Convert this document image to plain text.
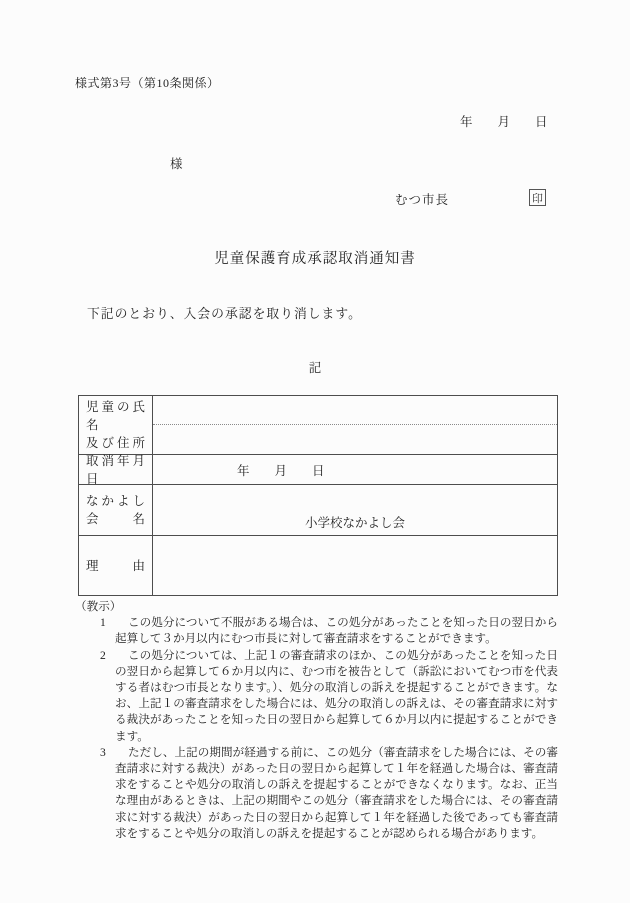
様式第3号（第10条関係）
年　　月　　日
様
むつ市長	印
児童保護育成承認取消通知書
下記のとおり、入会の承認を取り消します。
記
児童の氏名
及び住所
取消年月日
年　　月　　日
なかよし
会名	小学校なかよし会
理由
（教示）
1 この処分について不服がある場合は、この処分があったことを知った日の翌日から起算して３か月以内にむつ市長に対して審査請求をすることができます。
2 この処分については、上記１の審査請求のほか、この処分があったことを知った日の翌日から起算して６か月以内に、むつ市を被告として（訴訟においてむつ市を代表する者はむつ市長となります。）、処分の取消しの訴えを提起することができます。なお、上記１の審査請求をした場合には、処分の取消しの訴えは、その審査請求に対する裁決があったことを知った日の翌日から起算して６か月以内に提起することができます。
3 ただし、上記の期間が経過する前に、この処分（審査請求をした場合には、その審査請求に対する裁決）があった日の翌日から起算して１年を経過した場合は、審査請求をすることや処分の取消しの訴えを提起することができなくなります。なお、正当な理由があるときは、上記の期間やこの処分（審査請求をした場合には、その審査請求に対する裁決）があった日の翌日から起算して１年を経過した後であっても審査請求をすることや処分の取消しの訴えを提起することが認められる場合があります。
